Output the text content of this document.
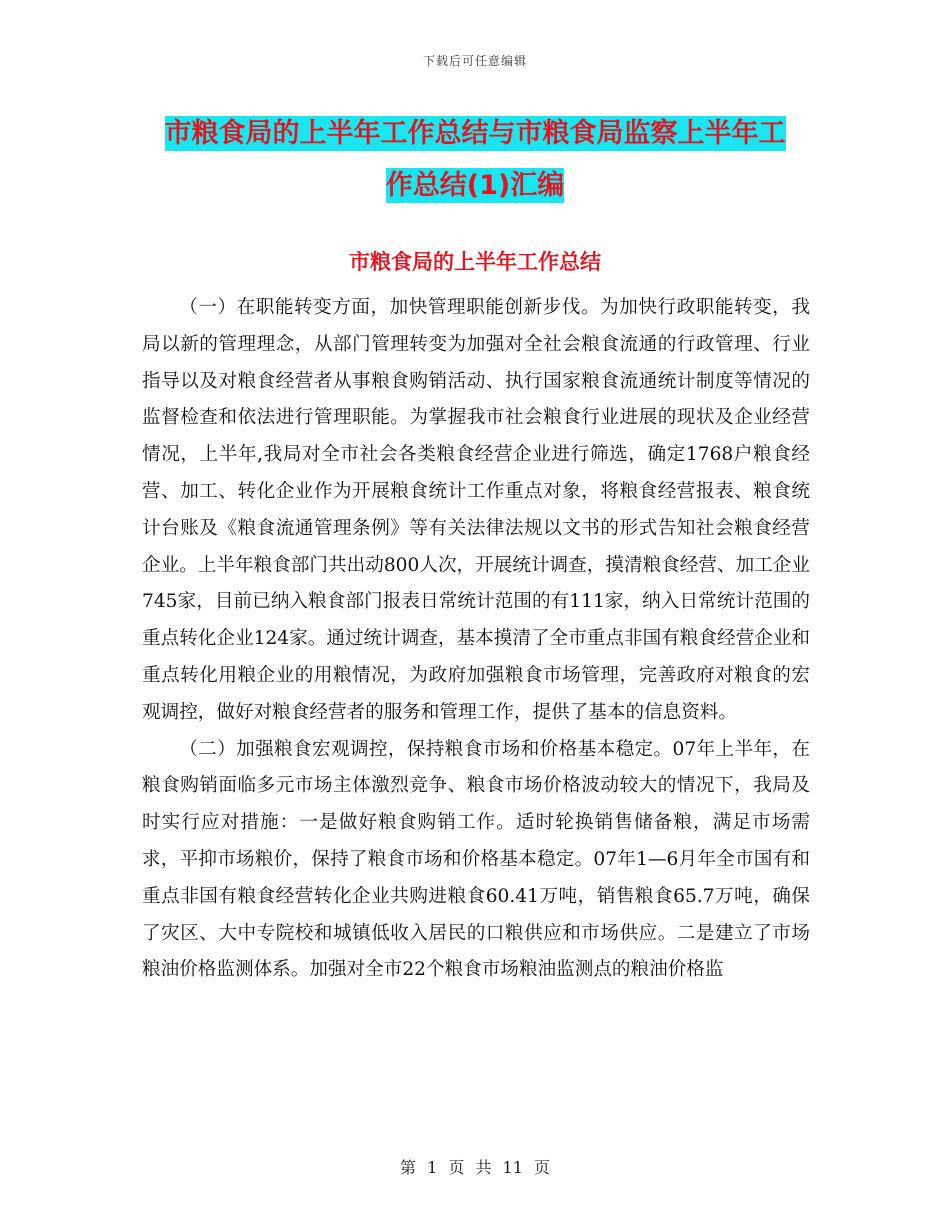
下载后可任意编辑
市粮食局的上半年工作总结与市粮食局监察上半年工
作总结(1)汇编
市粮食局的上半年工作总结

（一）在职能转变方面，加快管理职能创新步伐。为加快行政职能转变，我局以新的管理理念，从部门管理转变为加强对全社会粮食流通的行政管理、行业指导以及对粮食经营者从事粮食购销活动、执行国家粮食流通统计制度等情况的监督检查和依法进行管理职能。为掌握我市社会粮食行业进展的现状及企业经营情况，上半年,我局对全市社会各类粮食经营企业进行筛选，确定1768户粮食经营、加工、转化企业作为开展粮食统计工作重点对象，将粮食经营报表、粮食统计台账及《粮食流通管理条例》等有关法律法规以文书的形式告知社会粮食经营企业。上半年粮食部门共出动800人次，开展统计调查，摸清粮食经营、加工企业745家，目前已纳入粮食部门报表日常统计范围的有111家，纳入日常统计范围的重点转化企业124家。通过统计调查，基本摸清了全市重点非国有粮食经营企业和重点转化用粮企业的用粮情况，为政府加强粮食市场管理，完善政府对粮食的宏观调控，做好对粮食经营者的服务和管理工作，提供了基本的信息资料。

（二）加强粮食宏观调控，保持粮食市场和价格基本稳定。07年上半年，在粮食购销面临多元市场主体激烈竞争、粮食市场价格波动较大的情况下，我局及时实行应对措施：一是做好粮食购销工作。适时轮换销售储备粮，满足市场需求，平抑市场粮价，保持了粮食市场和价格基本稳定。07年1—6月年全市国有和重点非国有粮食经营转化企业共购进粮食60.41万吨，销售粮食65.7万吨，确保了灾区、大中专院校和城镇低收入居民的口粮供应和市场供应。二是建立了市场粮油价格监测体系。加强对全市22个粮食市场粮油监测点的粮油价格监

第 1 页 共 11 页
